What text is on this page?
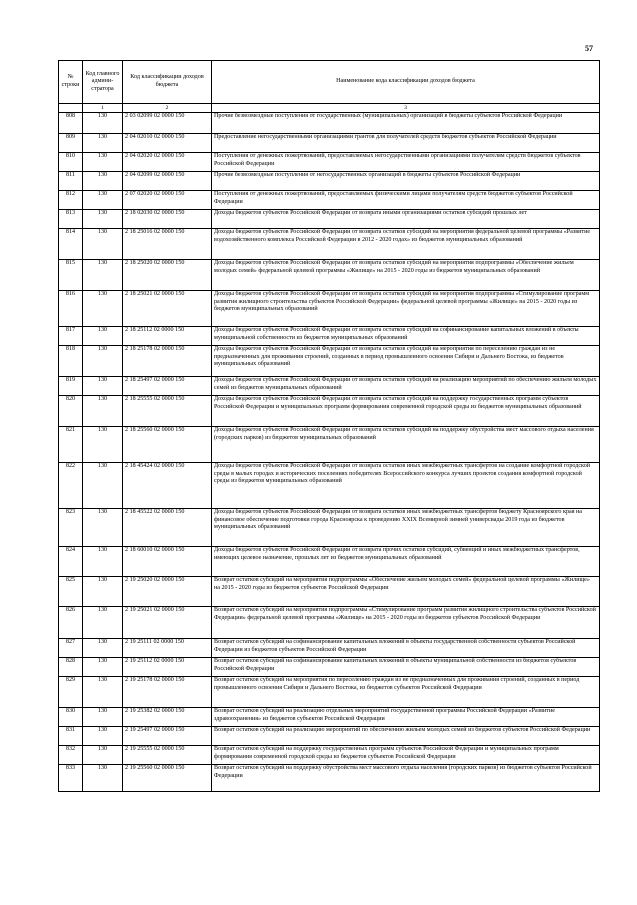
57
№ строки	Код главного админи- стратора	Код классификации доходов бюджета	Наименование кода классификации доходов бюджета
	1	2	3
808	130	2 03 02099 02 0000 150	Прочие безвозмездные поступления от государственных (муниципальных) организаций в бюджеты субъектов Российской Федерации
809	130	2 04 02010 02 0000 150	Предоставление негосударственными организациями грантов для получателей средств бюджетов субъектов Российской Федерации
810	130	2 04 02020 02 0000 150	Поступления от денежных пожертвований, предоставляемых негосударственными организациями получателям средств бюджетов субъектов Российской Федерации
811	130	2 04 02099 02 0000 150	Прочие безвозмездные поступления от негосударственных организаций в бюджеты субъектов Российской Федерации
812	130	2 07 02020 02 0000 150	Поступления от денежных пожертвований, предоставляемых физическими лицами получателям средств бюджетов субъектов Российской Федерации
813	130	2 18 02030 02 0000 150	Доходы бюджетов субъектов Российской Федерации от возврата иными организациями остатков субсидий прошлых лет
814	130	2 18 25016 02 0000 150	Доходы бюджетов субъектов Российской Федерации от возврата остатков субсидий на мероприятия федеральной целевой программы «Развитие водохозяйственного комплекса Российской Федерации в 2012 - 2020 годах» из бюджетов муниципальных образований
815	130	2 18 25020 02 0000 150	Доходы бюджетов субъектов Российской Федерации от возврата остатков субсидий на мероприятия подпрограммы «Обеспечение жильем молодых семей» федеральной целевой программы «Жилище» на 2015 - 2020 годы из бюджетов муниципальных образований
816	130	2 18 25021 02 0000 150	Доходы бюджетов субъектов Российской Федерации от возврата остатков субсидий на мероприятия подпрограммы «Стимулирование программ развития жилищного строительства субъектов Российской Федерации» федеральной целевой программы «Жилище» на 2015 - 2020 годы из бюджетов муниципальных образований
817	130	2 18 25112 02 0000 150	Доходы бюджетов субъектов Российской Федерации от возврата остатков субсидий на софинансирование капитальных вложений в объекты муниципальной собственности из бюджетов муниципальных образований
818	130	2 18 25178 02 0000 150	Доходы бюджетов субъектов Российской Федерации от возврата остатков субсидий на мероприятия по переселению граждан из не предназначенных для проживания строений, созданных в период промышленного освоения Сибири и Дальнего Востока, из бюджетов муниципальных образований
819	130	2 18 25497 02 0000 150	Доходы бюджетов субъектов Российской Федерации от возврата остатков субсидий на реализацию мероприятий по обеспечению жильем молодых семей из бюджетов муниципальных образований
820	130	2 18 25555 02 0000 150	Доходы бюджетов субъектов Российской Федерации от возврата остатков субсидий на поддержку государственных программ субъектов Российской Федерации и муниципальных программ формирования современной городской среды из бюджетов муниципальных образований
821	130	2 18 25560 02 0000 150	Доходы бюджетов субъектов Российской Федерации от возврата остатков субсидий на поддержку обустройства мест массового отдыха населения (городских парков) из бюджетов муниципальных образований
822	130	2 18 45424 02 0000 150	Доходы бюджетов субъектов Российской Федерации от возврата остатков иных межбюджетных трансфертов на создание комфортной городской среды в малых городах и исторических поселениях победителях Всероссийского конкурса лучших проектов создания комфортной городской среды из бюджетов муниципальных образований
823	130	2 18 45522 02 0000 150	Доходы бюджетов субъектов Российской Федерации от возврата остатков иных межбюджетных трансфертов бюджету Красноярского края на финансовое обеспечение подготовки города Красноярска к проведению XXIX Всемирной зимней универсиады 2019 года из бюджетов муниципальных образований
824	130	2 18 60010 02 0000 150	Доходы бюджетов субъектов Российской Федерации от возврата прочих остатков субсидий, субвенций и иных межбюджетных трансфертов, имеющих целевое назначение, прошлых лет из бюджетов муниципальных образований
825	130	2 19 25020 02 0000 150	Возврат остатков субсидий на мероприятия подпрограммы «Обеспечение жильем молодых семей» федеральной целевой программы «Жилище» на 2015 - 2020 годы из бюджетов субъектов Российской Федерации
826	130	2 19 25021 02 0000 150	Возврат остатков субсидий на мероприятия подпрограммы «Стимулирование программ развития жилищного строительства субъектов Российской Федерации» федеральной целевой программы «Жилище» на 2015 - 2020 годы из бюджетов субъектов Российской Федерации
827	130	2 19 25111 02 0000 150	Возврат остатков субсидий на софинансирование капитальных вложений в объекты государственной собственности субъектов Российской Федерации из бюджетов субъектов Российской Федерации
828	130	2 19 25112 02 0000 150	Возврат остатков субсидий на софинансирование капитальных вложений в объекты муниципальной собственности из бюджетов субъектов Российской Федерации
829	130	2 19 25178 02 0000 150	Возврат остатков субсидий на мероприятия по переселению граждан из не предназначенных для проживания строений, созданных в период промышленного освоения Сибири и Дальнего Востока, из бюджетов субъектов Российской Федерации
830	130	2 19 25382 02 0000 150	Возврат остатков субсидий на реализацию отдельных мероприятий государственной программы Российской Федерации «Развитие здравоохранения» из бюджетов субъектов Российской Федерации
831	130	2 19 25497 02 0000 150	Возврат остатков субсидий на реализацию мероприятий по обеспечению жильем молодых семей из бюджетов субъектов Российской Федерации
832	130	2 19 25555 02 0000 150	Возврат остатков субсидий на поддержку государственных программ субъектов Российской Федерации и муниципальных программ формирования современной городской среды из бюджетов субъектов Российской Федерации
833	130	2 19 25560 02 0000 150	Возврат остатков субсидий на поддержку обустройства мест массового отдыха населения (городских парков) из бюджетов субъектов Российской Федерации
